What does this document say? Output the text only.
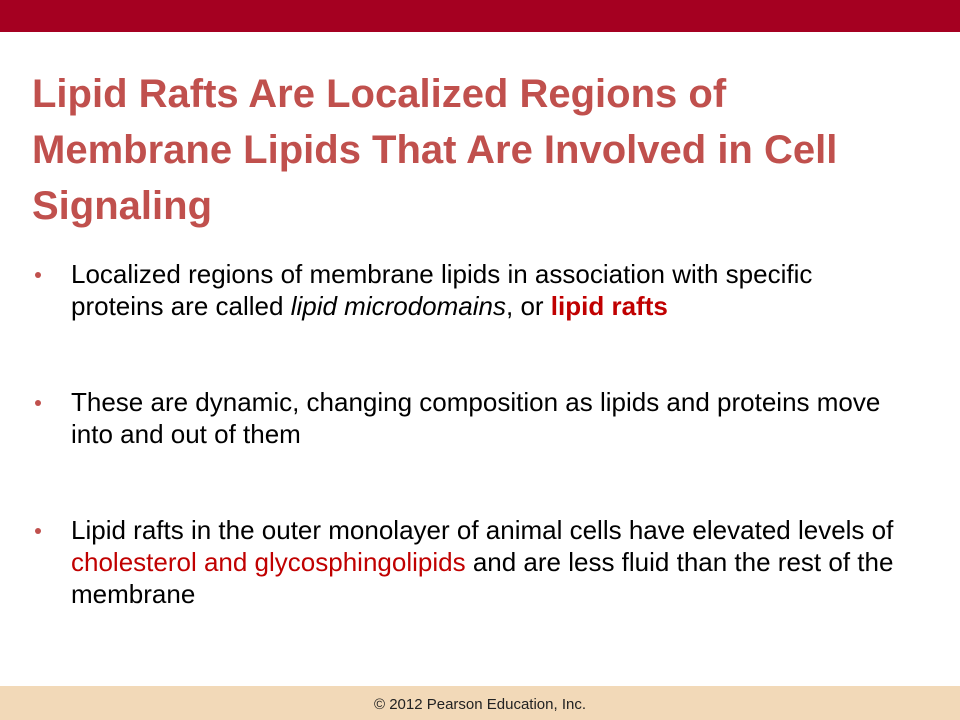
Lipid Rafts Are Localized Regions of Membrane Lipids That Are Involved in Cell Signaling
Localized regions of membrane lipids in association with specific proteins are called lipid microdomains, or lipid rafts
These are dynamic, changing composition as lipids and proteins move into and out of them
Lipid rafts in the outer monolayer of animal cells have elevated levels of cholesterol and glycosphingolipids and are less fluid than the rest of the membrane
© 2012 Pearson Education, Inc.
